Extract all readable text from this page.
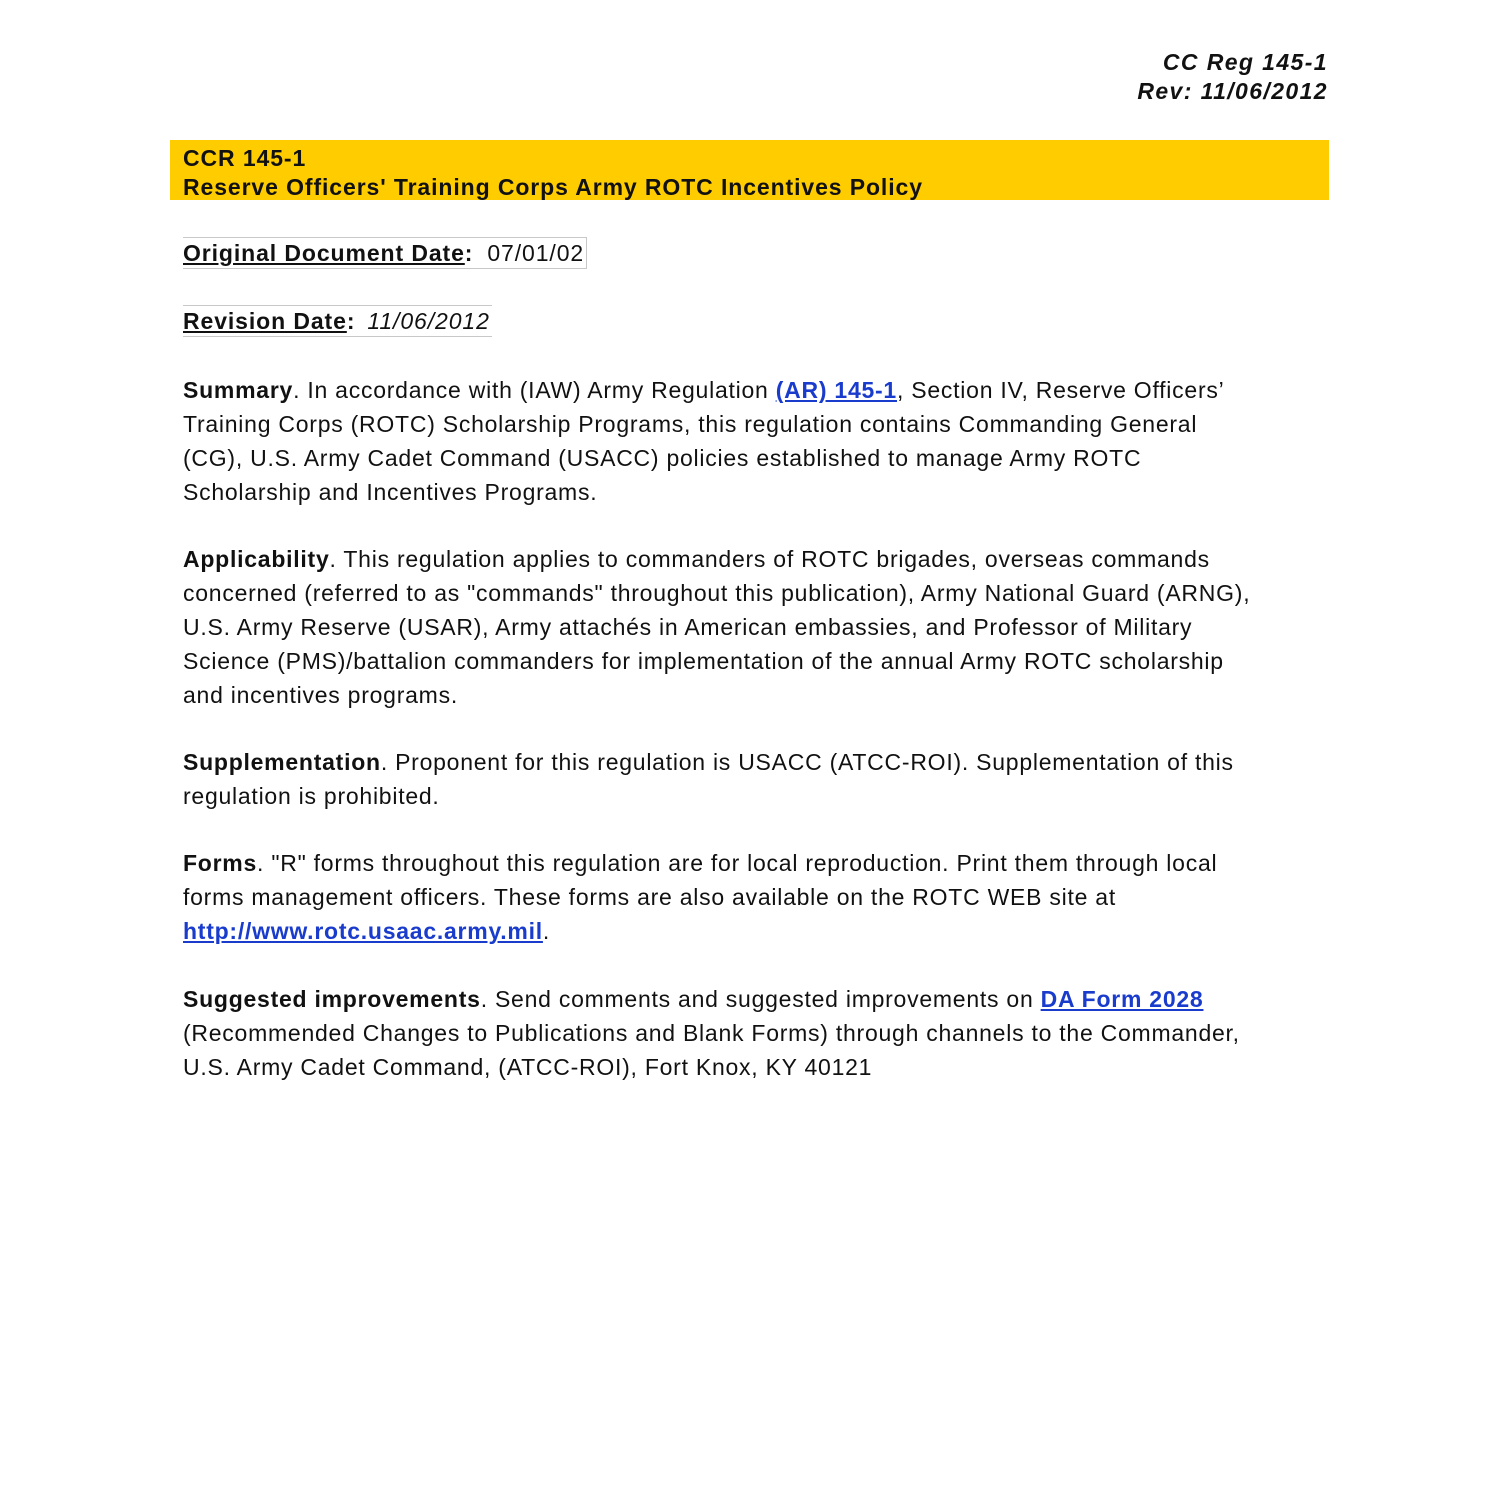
CC Reg 145-1
Rev: 11/06/2012
CCR 145-1
Reserve Officers' Training Corps Army ROTC Incentives Policy
Original Document Date: 07/01/02
Revision Date: 11/06/2012

Summary. In accordance with (IAW) Army Regulation (AR) 145-1, Section IV, Reserve Officers’ Training Corps (ROTC) Scholarship Programs, this regulation contains Commanding General (CG), U.S. Army Cadet Command (USACC) policies established to manage Army ROTC Scholarship and Incentives Programs.

Applicability. This regulation applies to commanders of ROTC brigades, overseas commands concerned (referred to as "commands" throughout this publication), Army National Guard (ARNG), U.S. Army Reserve (USAR), Army attachés in American embassies, and Professor of Military Science (PMS)/battalion commanders for implementation of the annual Army ROTC scholarship and incentives programs.

Supplementation. Proponent for this regulation is USACC (ATCC-ROI). Supplementation of this regulation is prohibited.

Forms. "R" forms throughout this regulation are for local reproduction. Print them through local forms management officers. These forms are also available on the ROTC WEB site at http://www.rotc.usaac.army.mil.

Suggested improvements. Send comments and suggested improvements on DA Form 2028 (Recommended Changes to Publications and Blank Forms) through channels to the Commander, U.S. Army Cadet Command, (ATCC-ROI), Fort Knox, KY 40121
